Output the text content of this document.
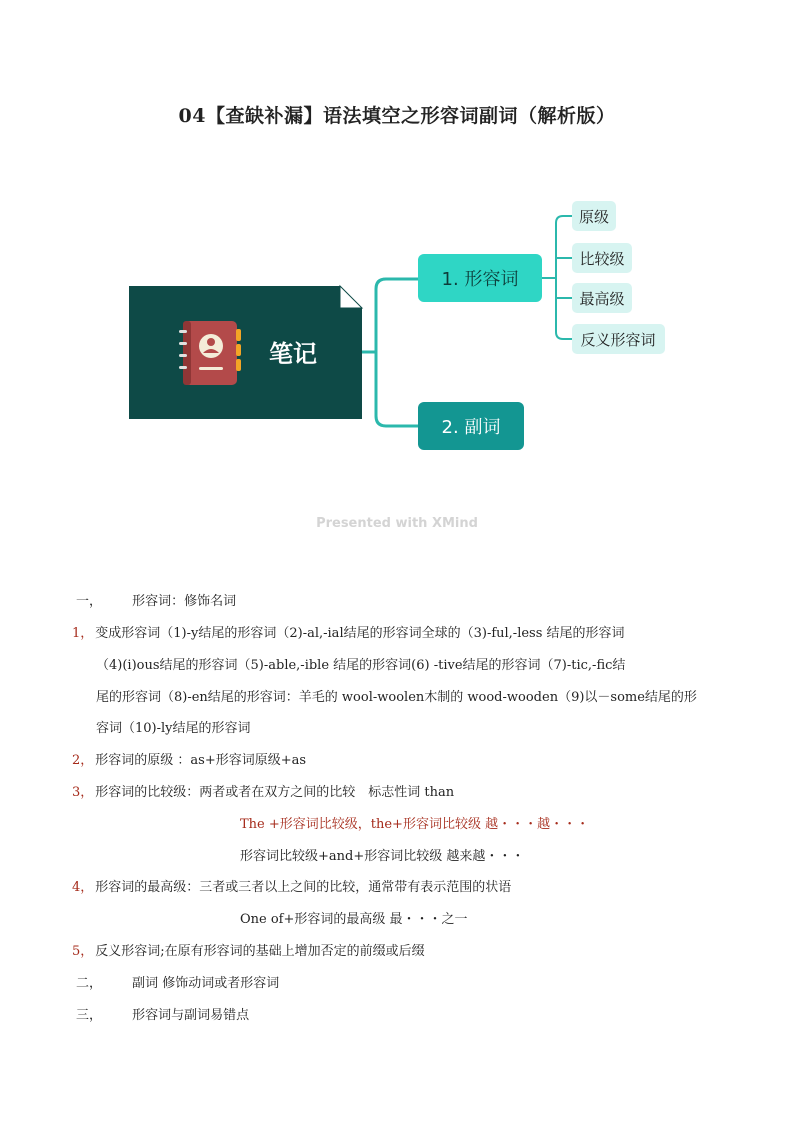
04【查缺补漏】语法填空之形容词副词（解析版）
笔记
1. 形容词
原级
比较级
最高级
反义形容词
2. 副词
Presented with XMind
一， 形容词：修饰名词
1， 变成形容词（1)-y结尾的形容词（2)-al,-ial结尾的形容词全球的（3)-ful,-less 结尾的形容词
（4)(i)ous结尾的形容词（5)-able,-ible 结尾的形容词(6) -tive结尾的形容词（7)-tic,-fic结
尾的形容词（8)-en结尾的形容词：羊毛的 wool-woolen木制的 wood-wooden（9)以－some结尾的形
容词（10)-ly结尾的形容词
2， 形容词的原级 ：as+形容词原级+as
3， 形容词的比较级：两者或者在双方之间的比较　标志性词 than
The +形容词比较级，the+形容词比较级 越・・・越・・・
形容词比较级+and+形容词比较级 越来越・・・
4， 形容词的最高级：三者或三者以上之间的比较，通常带有表示范围的状语
One of+形容词的最高级 最・・・之一
5， 反义形容词;在原有形容词的基础上增加否定的前缀或后缀
二， 副词 修饰动词或者形容词
三， 形容词与副词易错点
